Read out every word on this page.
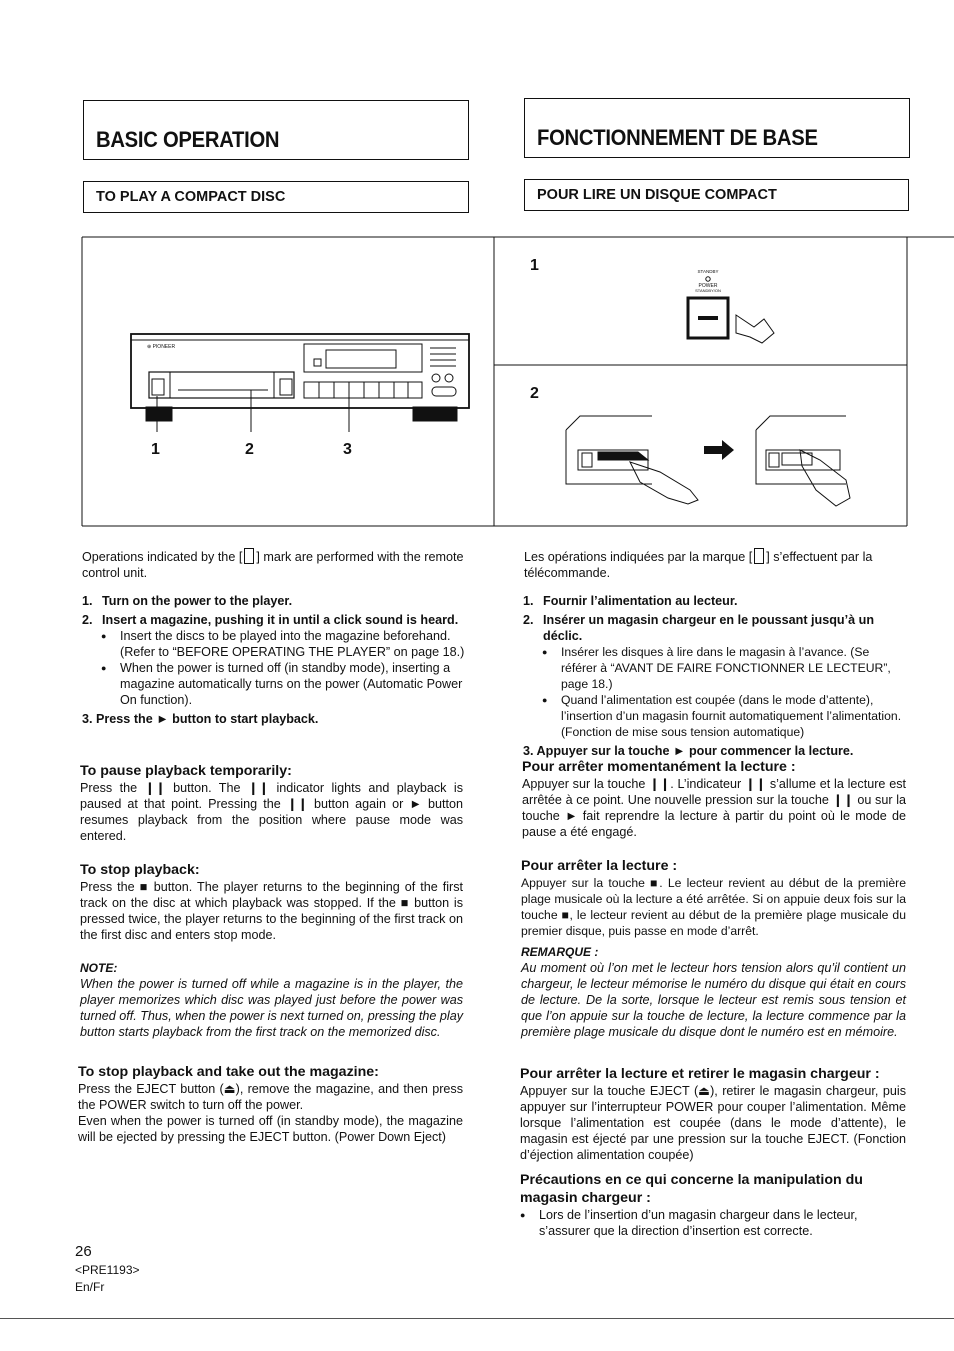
BASIC OPERATION	FONCTIONNEMENT DE BASE
TO PLAY A COMPACT DISC	POUR LIRE UN DISQUE COMPACT
⊕ PIONEER
1	2	3
1	STANDBY
POWER
STANDBY/ON
2

Operations indicated by the [ ] mark are performed with the remote control unit.

1. Turn on the power to the player.
2. Insert a magazine, pushing it in until a click sound is heard.
● Insert the discs to be played into the magazine beforehand. (Refer to “BEFORE OPERATING THE PLAYER” on page 18.)
● When the power is turned off (in standby mode), inserting a magazine automatically turns on the power (Automatic Power On function).
3. Press the ► button to start playback.
To pause playback temporarily:

Press the ❙❙ button. The ❙❙ indicator lights and playback is paused at that point. Pressing the ❙❙ button again or ► button resumes playback from the position where pause mode was entered.

To stop playback:

Press the ■ button. The player returns to the beginning of the first track on the disc at which playback was stopped. If the ■ button is pressed twice, the player returns to the beginning of the first track on the first disc and enters stop mode.

NOTE:

When the power is turned off while a magazine is in the player, the player memorizes which disc was played just before the power was turned off. Thus, when the power is next turned on, pressing the play button starts playback from the first track on the memorized disc.

To stop playback and take out the magazine:

Press the EJECT button (⏏), remove the magazine, and then press the POWER switch to turn off the power.

Even when the power is turned off (in standby mode), the magazine will be ejected by pressing the EJECT button. (Power Down Eject)

Les opérations indiquées par la marque [ ] s’effectuent par la télécommande.

1. Fournir l’alimentation au lecteur.
2. Insérer un magasin chargeur en le poussant jusqu’à un déclic.
● Insérer les disques à lire dans le magasin à l’avance. (Se référer à “AVANT DE FAIRE FONCTIONNER LE LECTEUR”, page 18.)
● Quand l’alimentation est coupée (dans le mode d’attente), l’insertion d’un magasin fournit automatiquement l’alimentation. (Fonction de mise sous tension automatique)
3. Appuyer sur la touche ► pour commencer la lecture.
Pour arrêter momentanément la lecture :

Appuyer sur la touche ❙❙. L’indicateur ❙❙ s’allume et la lecture est arrêtée à ce point. Une nouvelle pression sur la touche ❙❙ ou sur la touche ► fait reprendre la lecture à partir du point où le mode de pause a été engagé.

Pour arrêter la lecture :

Appuyer sur la touche ■. Le lecteur revient au début de la première plage musicale où la lecture a été arrêtée. Si on appuie deux fois sur la touche ■, le lecteur revient au début de la première plage musicale du premier disque, puis passe en mode d’arrêt.

REMARQUE :

Au moment où l’on met le lecteur hors tension alors qu’il contient un chargeur, le lecteur mémorise le numéro du disque qui était en cours de lecture. De la sorte, lorsque le lecteur est remis sous tension et que l’on appuie sur la touche de lecture, la lecture commence par la première plage musicale du disque dont le numéro est en mémoire.

Pour arrêter la lecture et retirer le magasin chargeur :

Appuyer sur la touche EJECT (⏏), retirer le magasin chargeur, puis appuyer sur l’interrupteur POWER pour couper l’alimentation. Même lorsque l’alimentation est coupée (dans le mode d’attente), le magasin est éjecté par une pression sur la touche EJECT. (Fonction d’éjection alimentation coupée)

Précautions en ce qui concerne la manipulation du magasin chargeur :
● Lors de l’insertion d’un magasin chargeur dans le lecteur, s’assurer que la direction d’insertion est correcte.
26
<PRE1193>
En/Fr
